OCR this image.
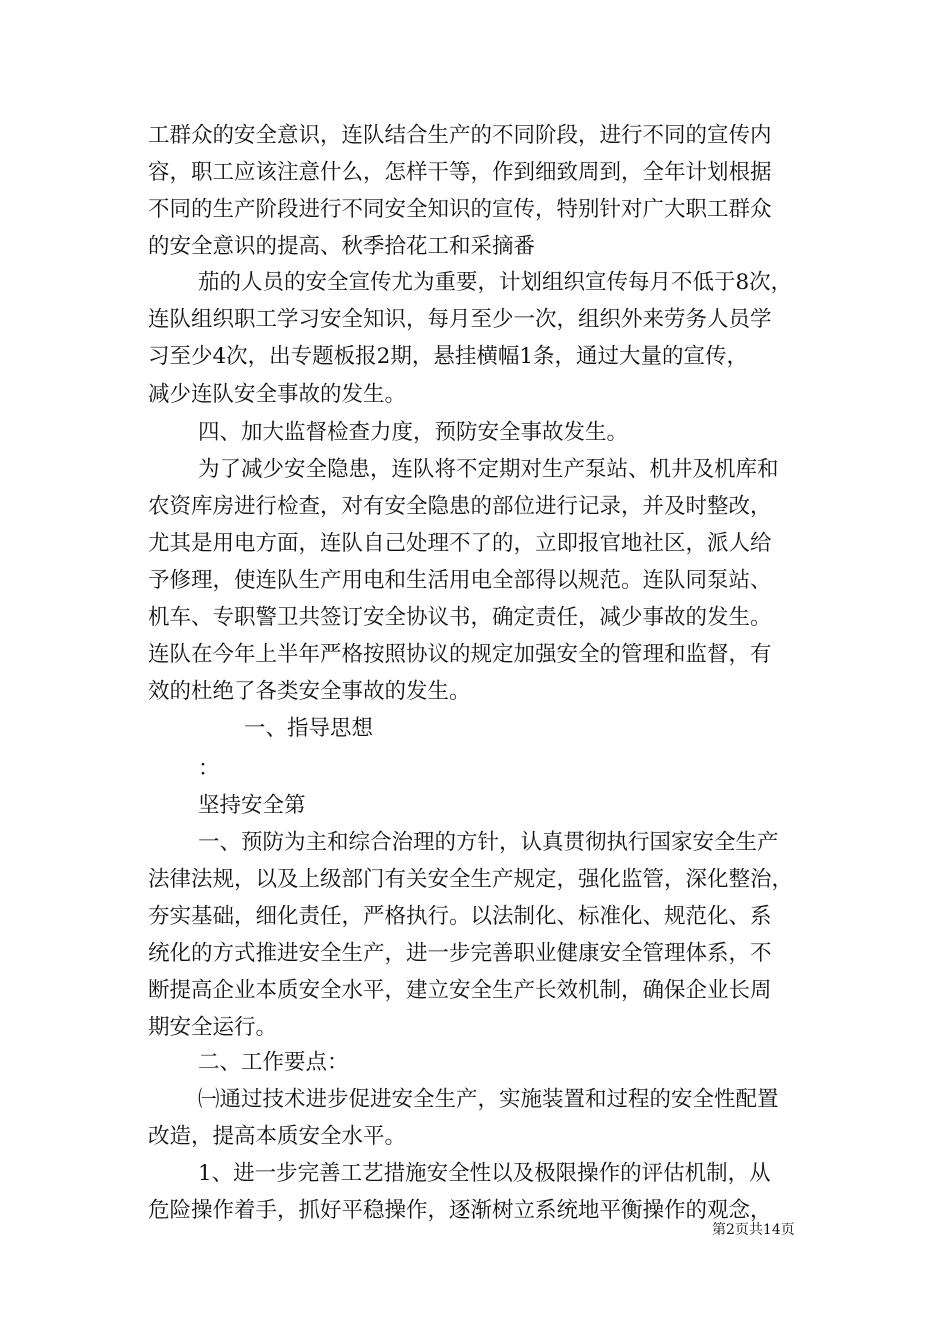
工群众的安全意识，连队结合生产的不同阶段，进行不同的宣传内
容，职工应该注意什么，怎样干等，作到细致周到，全年计划根据
不同的生产阶段进行不同安全知识的宣传，特别针对广大职工群众
的安全意识的提高、秋季拾花工和采摘番
茄的人员的安全宣传尤为重要，计划组织宣传每月不低于8次，
连队组织职工学习安全知识，每月至少一次，组织外来劳务人员学
习至少4次，出专题板报2期，悬挂横幅1条，通过大量的宣传，
减少连队安全事故的发生。
四、加大监督检查力度，预防安全事故发生。
为了减少安全隐患，连队将不定期对生产泵站、机井及机库和
农资库房进行检查，对有安全隐患的部位进行记录，并及时整改，
尤其是用电方面，连队自己处理不了的，立即报官地社区，派人给
予修理，使连队生产用电和生活用电全部得以规范。连队同泵站、
机车、专职警卫共签订安全协议书，确定责任，减少事故的发生。
连队在今年上半年严格按照协议的规定加强安全的管理和监督，有
效的杜绝了各类安全事故的发生。
一、指导思想
：
坚持安全第
一、预防为主和综合治理的方针，认真贯彻执行国家安全生产
法律法规，以及上级部门有关安全生产规定，强化监管，深化整治，
夯实基础，细化责任，严格执行。以法制化、标准化、规范化、系
统化的方式推进安全生产，进一步完善职业健康安全管理体系，不
断提高企业本质安全水平，建立安全生产长效机制，确保企业长周
期安全运行。
二、工作要点：
㈠通过技术进步促进安全生产，实施装置和过程的安全性配置
改造，提高本质安全水平。
1、进一步完善工艺措施安全性以及极限操作的评估机制，从
危险操作着手，抓好平稳操作，逐渐树立系统地平衡操作的观念，
第2页共14页
